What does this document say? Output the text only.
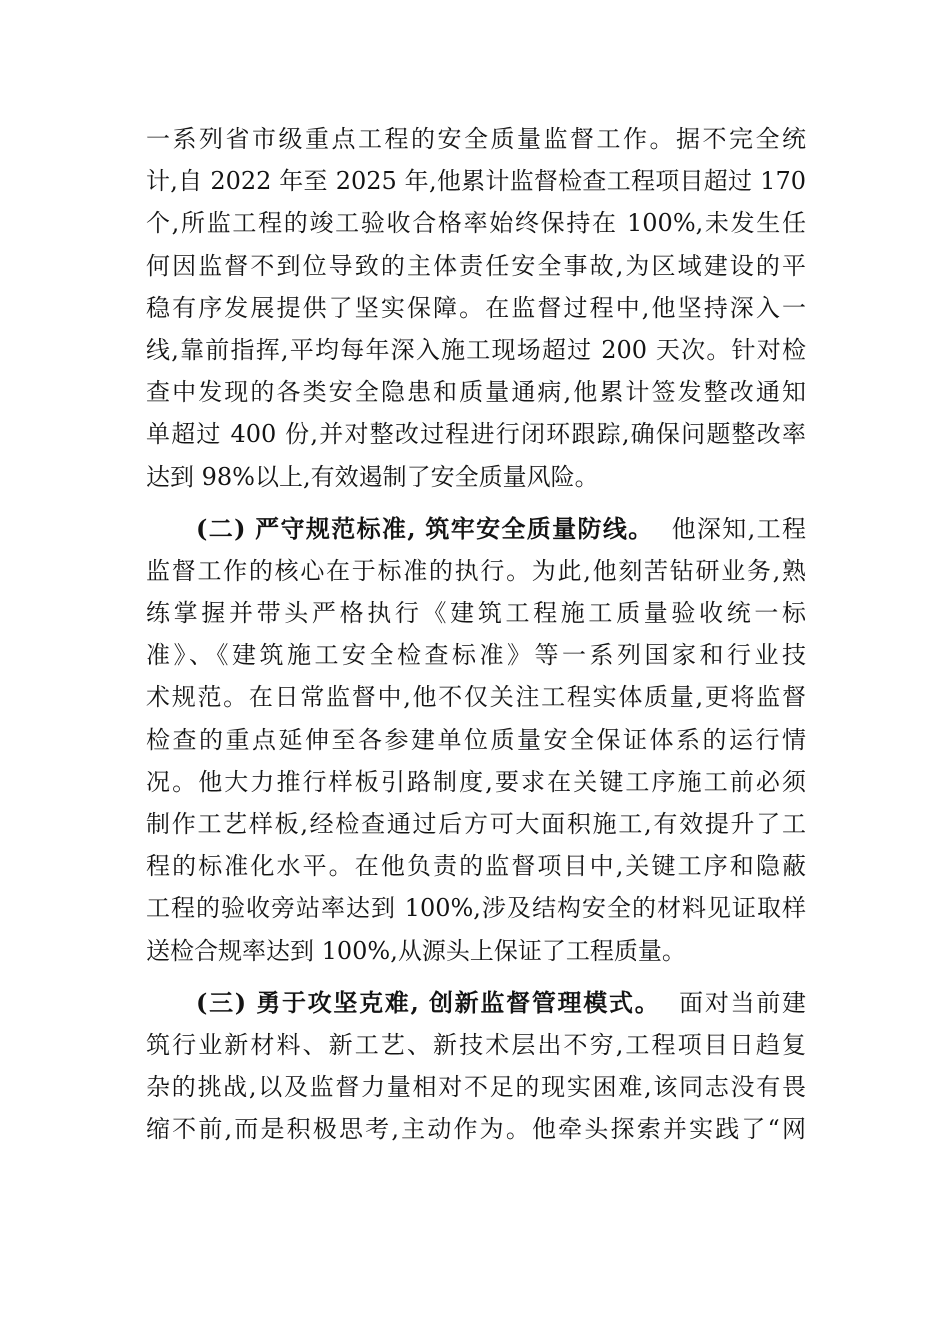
一系列省市级重点工程的安全质量监督工作。据不完全统
计,自 2022 年至 2025 年,他累计监督检查工程项目超过 170
个,所监工程的竣工验收合格率始终保持在 100%,未发生任
何因监督不到位导致的主体责任安全事故,为区域建设的平
稳有序发展提供了坚实保障。在监督过程中,他坚持深入一
线,靠前指挥,平均每年深入施工现场超过 200 天次。针对检
查中发现的各类安全隐患和质量通病,他累计签发整改通知
单超过 400 份,并对整改过程进行闭环跟踪,确保问题整改率
达到 98%以上,有效遏制了安全质量风险。
(二) 严守规范标准, 筑牢安全质量防线。 他深知,工程
监督工作的核心在于标准的执行。为此,他刻苦钻研业务,熟
练掌握并带头严格执行《建筑工程施工质量验收统一标
准》、《建筑施工安全检查标准》等一系列国家和行业技
术规范。在日常监督中,他不仅关注工程实体质量,更将监督
检查的重点延伸至各参建单位质量安全保证体系的运行情
况。他大力推行样板引路制度,要求在关键工序施工前必须
制作工艺样板,经检查通过后方可大面积施工,有效提升了工
程的标准化水平。在他负责的监督项目中,关键工序和隐蔽
工程的验收旁站率达到 100%,涉及结构安全的材料见证取样
送检合规率达到 100%,从源头上保证了工程质量。
(三) 勇于攻坚克难, 创新监督管理模式。 面对当前建
筑行业新材料、新工艺、新技术层出不穷,工程项目日趋复
杂的挑战,以及监督力量相对不足的现实困难,该同志没有畏
缩不前,而是积极思考,主动作为。他牵头探索并实践了“网
